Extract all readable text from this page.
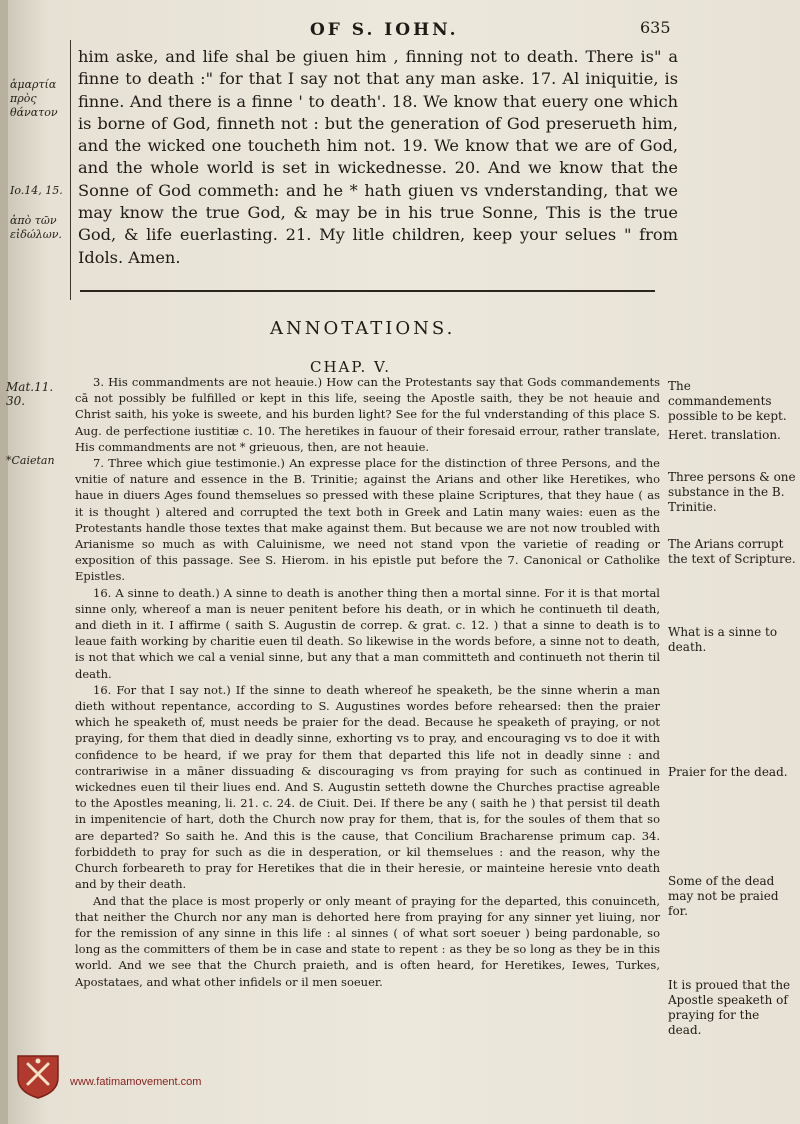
OF S. IOHN.	635
ἁμαρτία πρὸς θάνατον
Io.14, 15.
ἀπὸ τῶν εἰδώλων.

him aske, and life shal be giuen him , finning not to death. There is" a finne to death :" for that I say not that any man aske. 17. Al iniquitie, is finne. And there is a finne ' to death'. 18. We know that euery one which is borne of God, finneth not : but the generation of God preserueth him, and the wicked one toucheth him not. 19. We know that we are of God, and the whole world is set in wickednesse. 20. And we know that the Sonne of God commeth: and he * hath giuen vs vnderstanding, that we may know the true God, & may be in his true Sonne, This is the true God, & life euerlasting. 21. My litle children, keep your selues " from Idols. Amen.

ANNOTATIONS.
CHAP. V.
Mat.11. 30.
*Caietan

3. His commandments are not heauie.) How can the Protestants say that Gods commandements cā not possibly be fulfilled or kept in this life, seeing the Apostle saith, they be not heauie and Christ saith, his yoke is sweete, and his burden light? See for the ful vnderstanding of this place S. Aug. de perfectione iustitiæ c. 10. The heretikes in fauour of their foresaid errour, rather translate, His commandments are not * grieuous, then, are not heauie.

7. Three which giue testimonie.) An expresse place for the distinction of three Persons, and the vnitie of nature and essence in the B. Trinitie; against the Arians and other like Heretikes, who haue in diuers Ages found themselues so pressed with these plaine Scriptures, that they haue ( as it is thought ) altered and corrupted the text both in Greek and Latin many waies: euen as the Protestants handle those textes that make against them. But because we are not now troubled with Arianisme so much as with Caluinisme, we need not stand vpon the varietie of reading or exposition of this passage. See S. Hierom. in his epistle put before the 7. Canonical or Catholike Epistles.

16. A sinne to death.) A sinne to death is another thing then a mortal sinne. For it is that mortal sinne only, whereof a man is neuer penitent before his death, or in which he continueth til death, and dieth in it. I affirme ( saith S. Augustin de correp. & grat. c. 12. ) that a sinne to death is to leaue faith working by charitie euen til death. So likewise in the words before, a sinne not to death, is not that which we cal a venial sinne, but any that a man committeth and continueth not therin til death.

16. For that I say not.) If the sinne to death whereof he speaketh, be the sinne wherin a man dieth without repentance, according to S. Augustines wordes before rehearsed: then the praier which he speaketh of, must needs be praier for the dead. Because he speaketh of praying, or not praying, for them that died in deadly sinne, exhorting vs to pray, and encouraging vs to doe it with confidence to be heard, if we pray for them that departed this life not in deadly sinne : and contrariwise in a māner dissuading & discouraging vs from praying for such as continued in wickednes euen til their liues end. And S. Augustin setteth downe the Churches practise agreable to the Apostles meaning, li. 21. c. 24. de Ciuit. Dei. If there be any ( saith he ) that persist til death in impenitencie of hart, doth the Church now pray for them, that is, for the soules of them that so are departed? So saith he. And this is the cause, that Concilium Bracharense primum cap. 34. forbiddeth to pray for such as die in desperation, or kil themselues : and the reason, why the Church forbeareth to pray for Heretikes that die in their heresie, or mainteine heresie vnto death and by their death.

And that the place is most properly or only meant of praying for the departed, this conuinceth, that neither the Church nor any man is dehorted here from praying for any sinner yet liuing, nor for the remission of any sinne in this life : al sinnes ( of what sort soeuer ) being pardonable, so long as the committers of them be in case and state to repent : as they be so long as they be in this world. And we see that the Church praieth, and is often heard, for Heretikes, Iewes, Turkes, Apostataes, and what other infidels or il men soeuer.

The commandements possible to be kept.
Heret. translation.
Three persons & one substance in the B. Trinitie.
The Arians corrupt the text of Scripture.
What is a sinne to death.
Praier for the dead.
Some of the dead may not be praied for.
It is proued that the Apostle speaketh of praying for the dead.
www.fatimamovement.com
